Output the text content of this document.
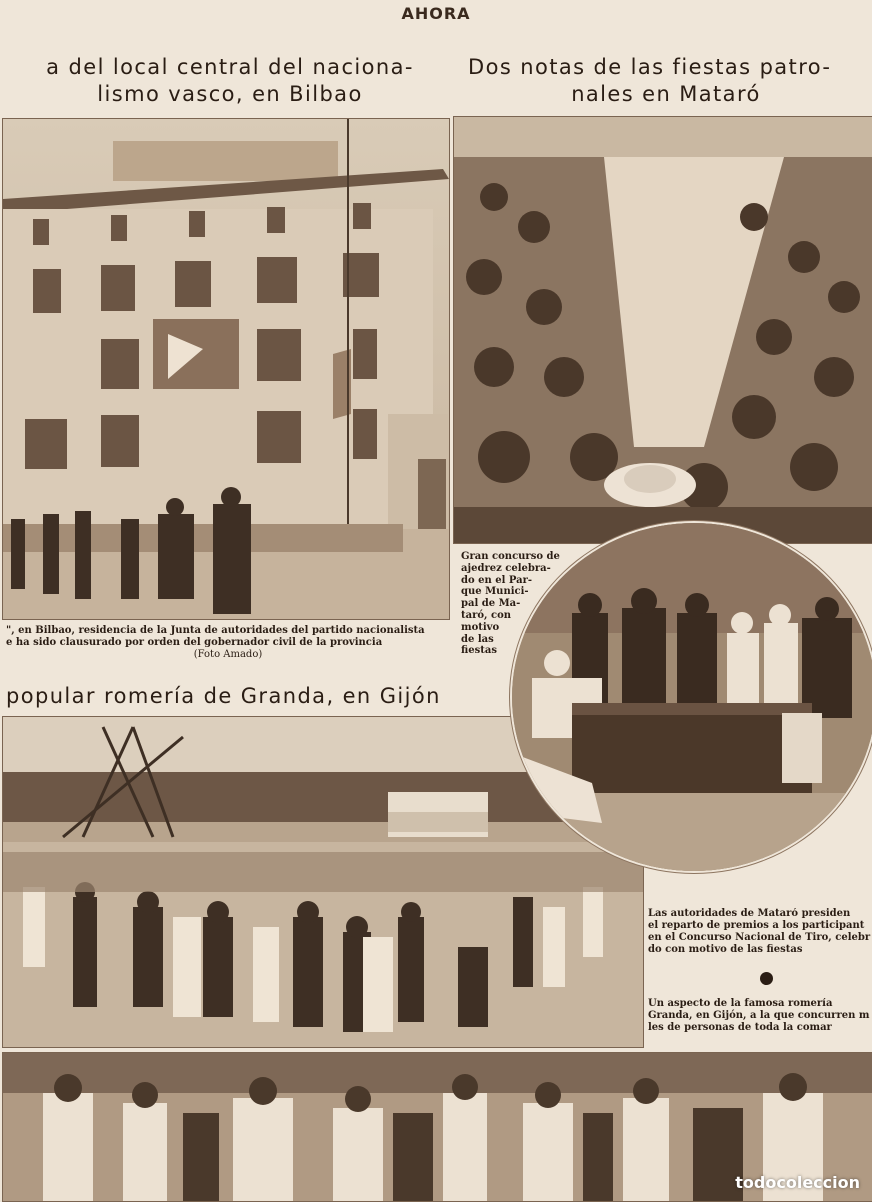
AHORA
a del local central del naciona-
lismo vasco, en Bilbao
Dos notas de las fiestas patro-
nales en Mataró
", en Bilbao, residencia de la Junta de autoridades del partido nacionalista
e ha sido clausurado por orden del gobernador civil de la provincia
(Foto Amado)
Gran concurso de
ajedrez celebra-
do en el Par-
que Munici-
pal de Ma-
taró, con
motivo
de las
fiestas
popular romería de Granda, en Gijón
Las autoridades de Mataró presiden
el reparto de premios a los participant
en el Concurso Nacional de Tiro, celebr
do con motivo de las fiestas
Un aspecto de la famosa romería
Granda, en Gijón, a la que concurren m
les de personas de toda la comar
todocoleccion
